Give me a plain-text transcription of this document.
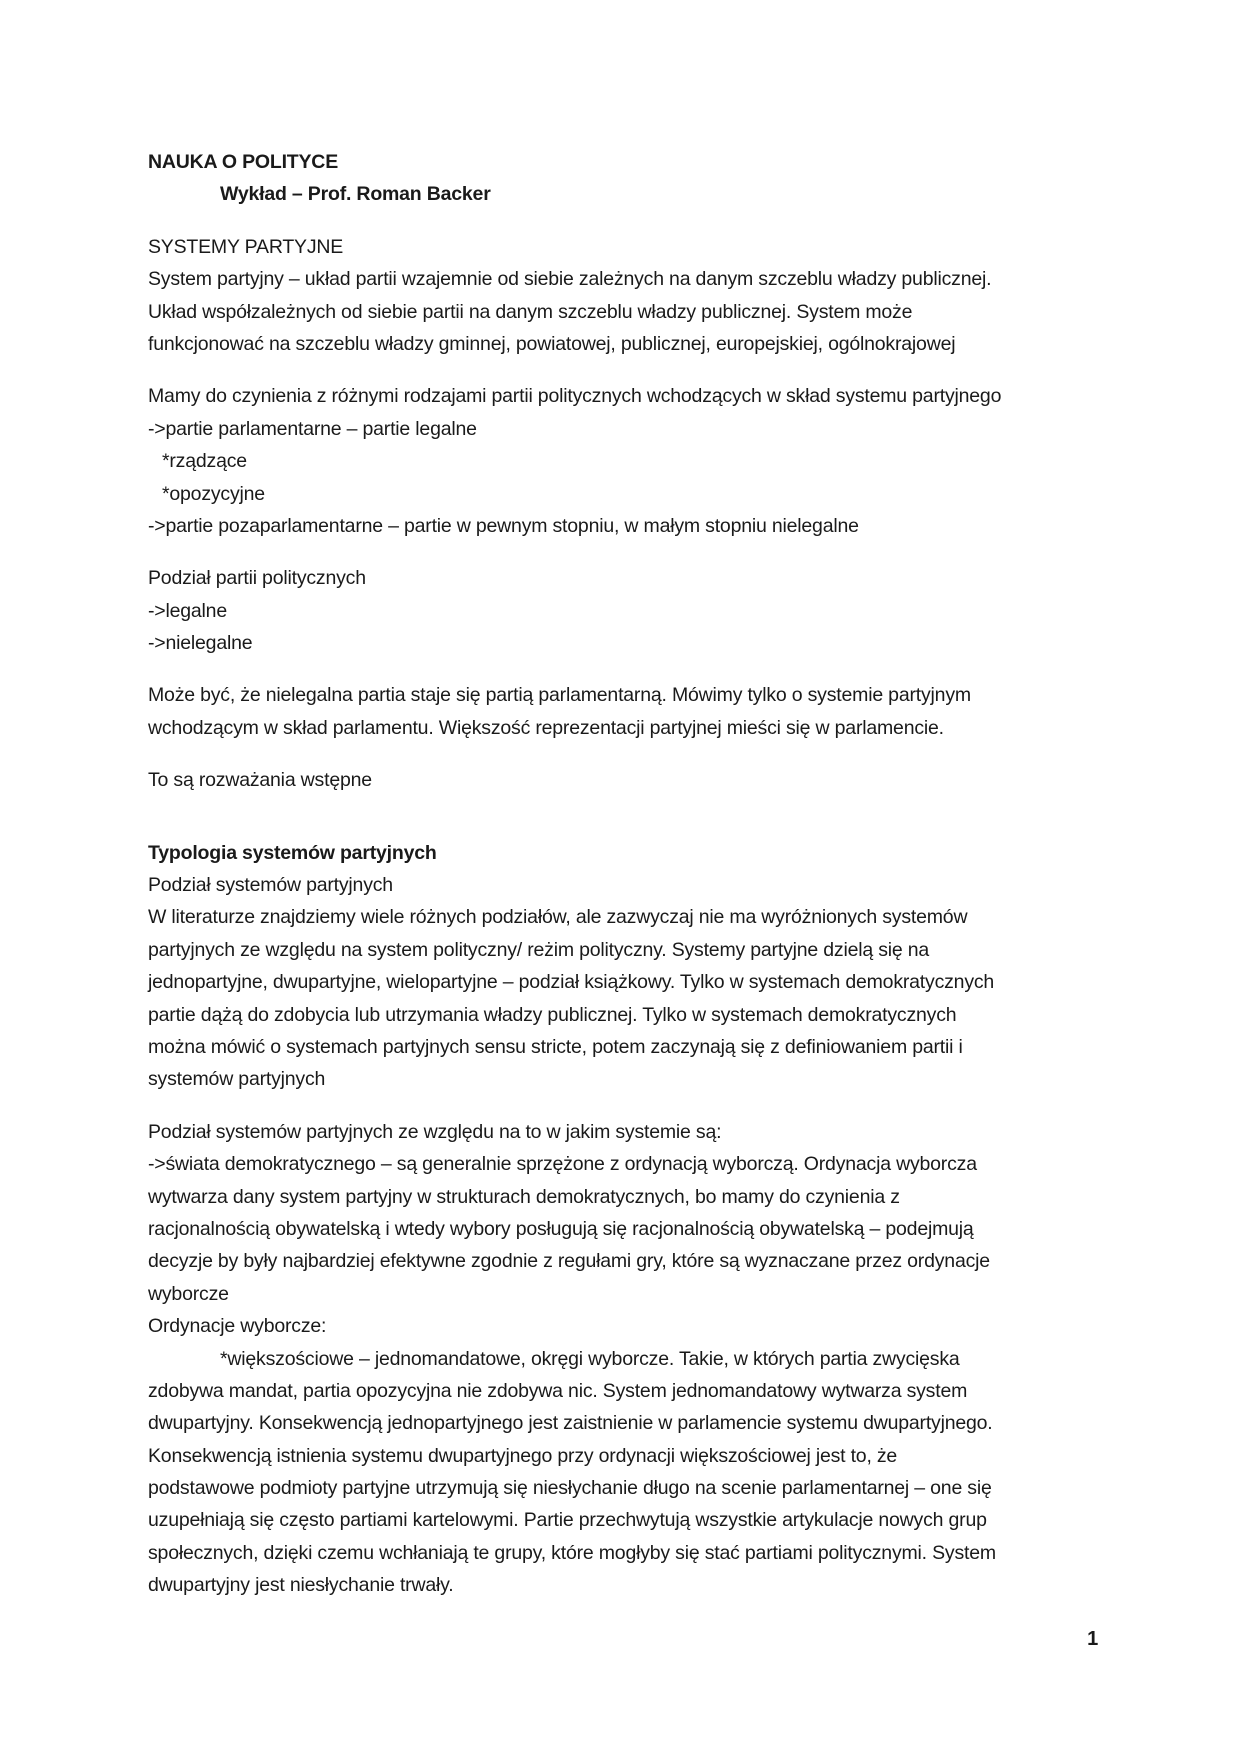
NAUKA O POLITYCE
Wykład – Prof. Roman Backer
SYSTEMY PARTYJNE
System partyjny – układ partii wzajemnie od siebie zależnych na danym szczeblu władzy publicznej.
Układ współzależnych od siebie partii na danym szczeblu władzy publicznej. System może
funkcjonować na szczeblu władzy gminnej, powiatowej, publicznej, europejskiej, ogólnokrajowej
Mamy do czynienia z różnymi rodzajami partii politycznych wchodzących w skład systemu partyjnego
->partie parlamentarne – partie legalne
*rządzące
*opozycyjne
->partie pozaparlamentarne – partie w pewnym stopniu, w małym stopniu nielegalne
Podział partii politycznych
->legalne
->nielegalne
Może być, że nielegalna partia staje się partią parlamentarną. Mówimy tylko o systemie partyjnym
wchodzącym w skład parlamentu. Większość reprezentacji partyjnej mieści się w parlamencie.
To są rozważania wstępne
Typologia systemów partyjnych
Podział systemów partyjnych
W literaturze znajdziemy wiele różnych podziałów, ale zazwyczaj nie ma wyróżnionych systemów
partyjnych ze względu na system polityczny/ reżim polityczny. Systemy partyjne dzielą się na
jednopartyjne, dwupartyjne, wielopartyjne – podział książkowy. Tylko w systemach demokratycznych
partie dążą do zdobycia lub utrzymania władzy publicznej. Tylko w systemach demokratycznych
można mówić o systemach partyjnych sensu stricte, potem zaczynają się z definiowaniem partii i
systemów partyjnych
Podział systemów partyjnych ze względu na to w jakim systemie są:
->świata demokratycznego – są generalnie sprzężone z ordynacją wyborczą. Ordynacja wyborcza
wytwarza dany system partyjny w strukturach demokratycznych, bo mamy do czynienia z
racjonalnością obywatelską i wtedy wybory posługują się racjonalnością obywatelską – podejmują
decyzje by były najbardziej efektywne zgodnie z regułami gry, które są wyznaczane przez ordynacje
wyborcze
Ordynacje wyborcze:
*większościowe – jednomandatowe, okręgi wyborcze. Takie, w których partia zwycięska
zdobywa mandat, partia opozycyjna nie zdobywa nic. System jednomandatowy wytwarza system
dwupartyjny. Konsekwencją jednopartyjnego jest zaistnienie w parlamencie systemu dwupartyjnego.
Konsekwencją istnienia systemu dwupartyjnego przy ordynacji większościowej jest to, że
podstawowe podmioty partyjne utrzymują się niesłychanie długo na scenie parlamentarnej – one się
uzupełniają się często partiami kartelowymi. Partie przechwytują wszystkie artykulacje nowych grup
społecznych, dzięki czemu wchłaniają te grupy, które mogłyby się stać partiami politycznymi. System
dwupartyjny jest niesłychanie trwały.
1
